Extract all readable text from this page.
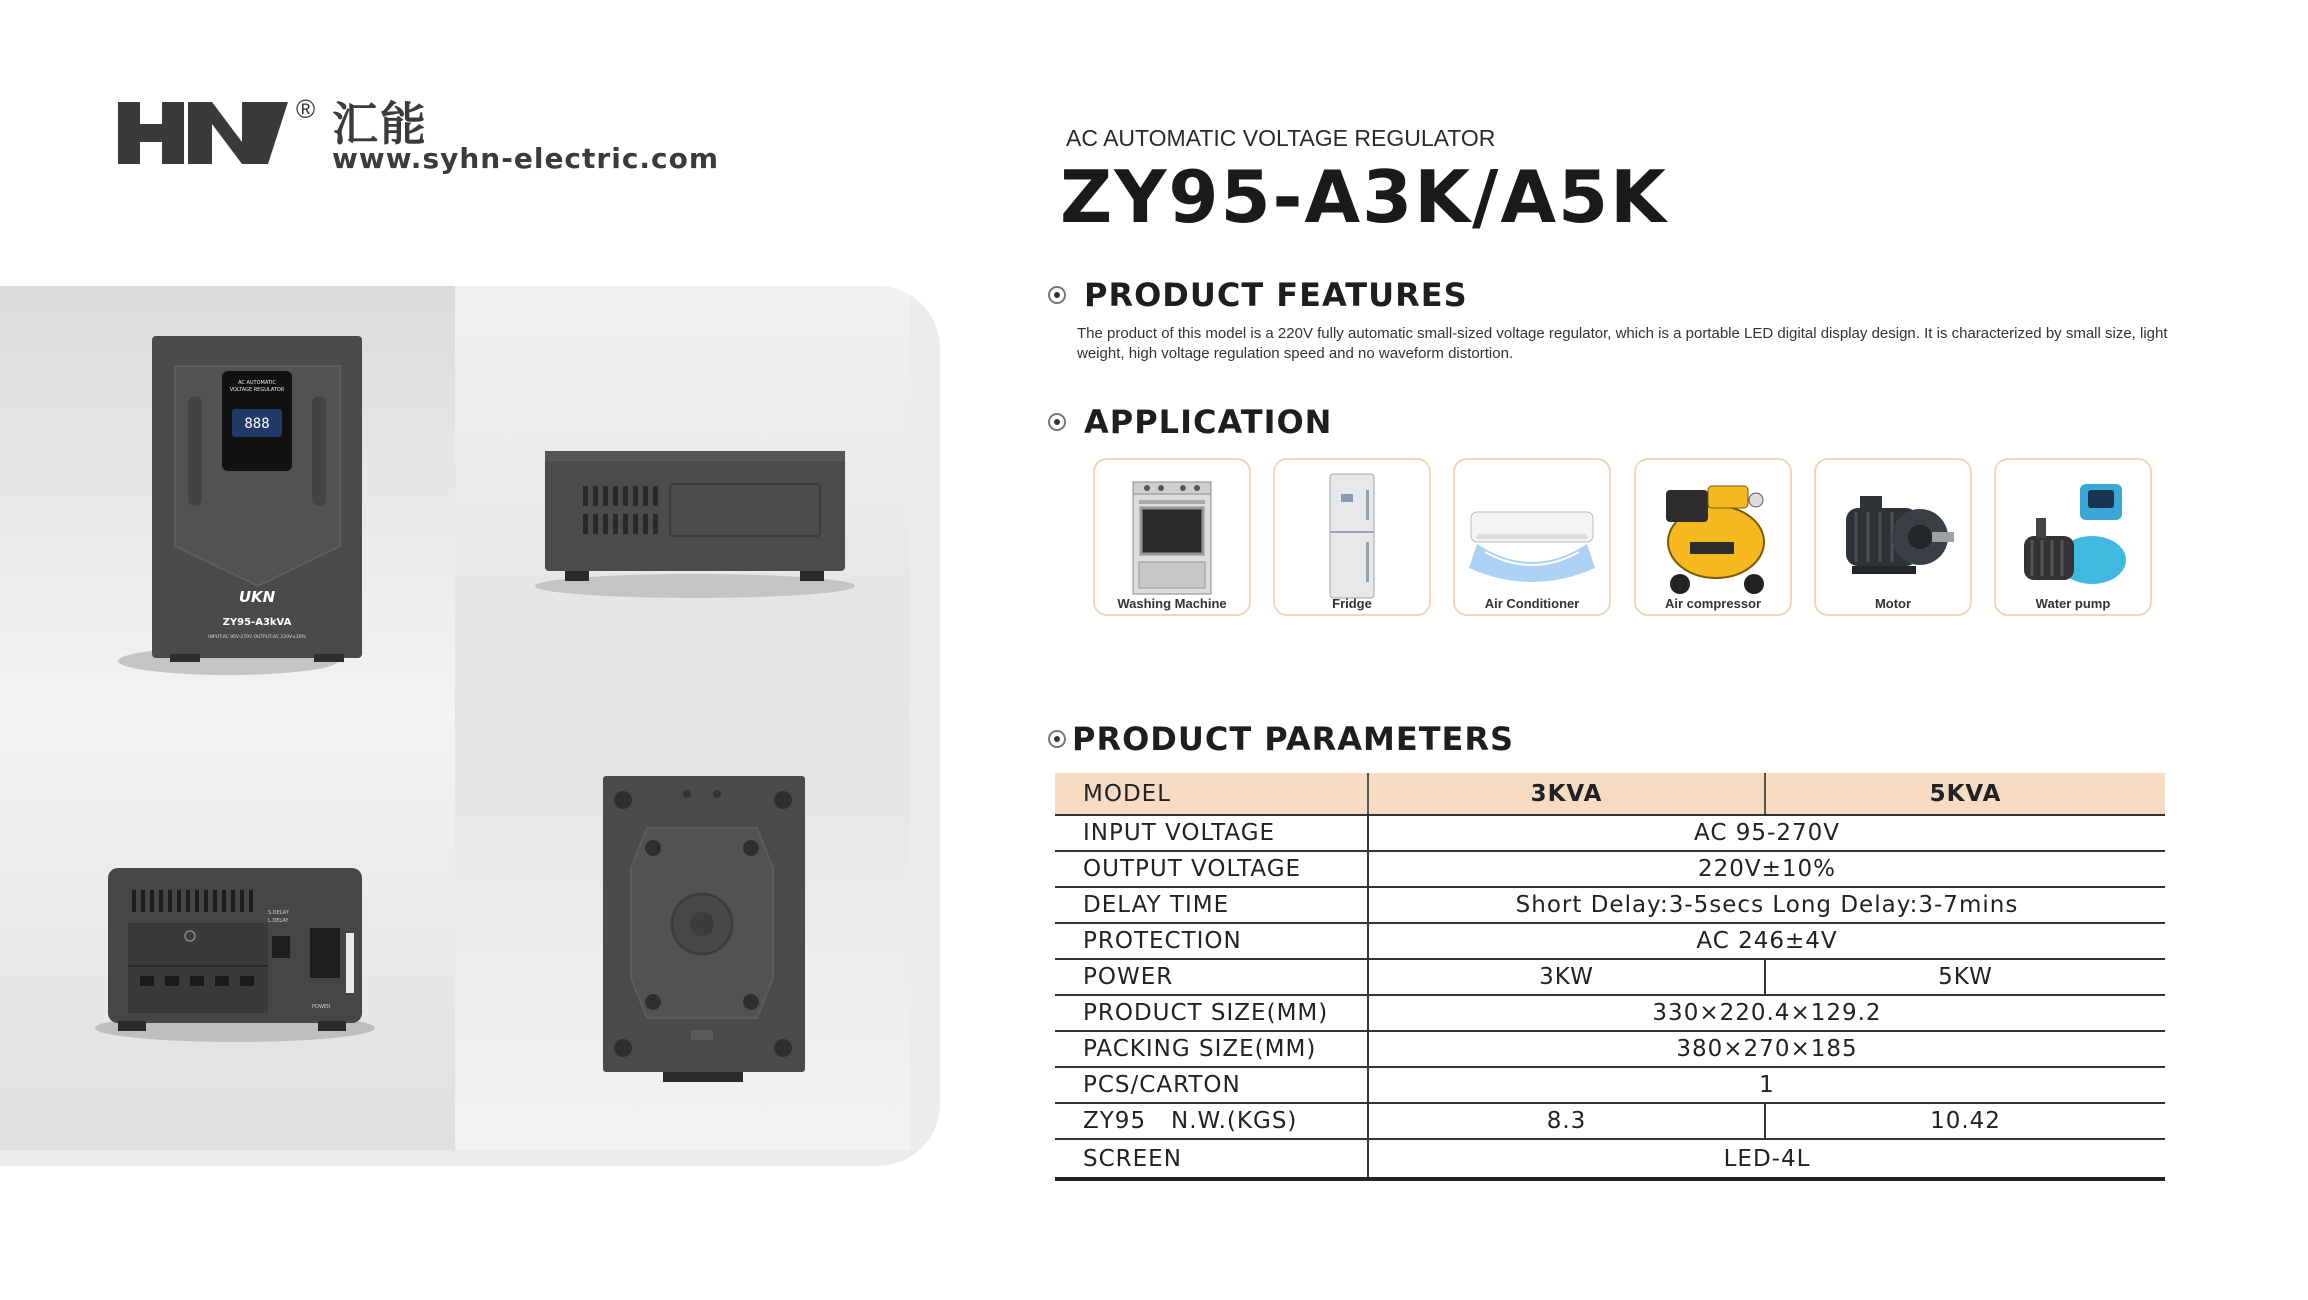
® 汇能
www.syhn-electric.com
AC AUTOMATIC VOLTAGE REGULATOR
ZY95-A3K/A5K
888
AC AUTOMATIC
VOLTAGE REGULATOR
UKN
ZY95-A3kVA
INPUT:AC 95V-270V OUTPUT:AC 220V±10%
S.DELAY
L.DELAY
POWER
PRODUCT FEATURES

The product of this model is a 220V fully automatic small-sized voltage regulator, which is a portable LED digital display design. It is characterized by small size, light weight, high voltage regulation speed and no waveform distortion.

APPLICATION
Washing Machine	Fridge	Air Conditioner	Air compressor	Motor	Water pump
PRODUCT PARAMETERS
MODEL	3KVA	5KVA
INPUT VOLTAGE	AC 95-270V	
OUTPUT VOLTAGE	220V±10%	
DELAY TIME	Short Delay:3-5secs Long Delay:3-7mins	
PROTECTION	AC 246±4V	
POWER	3KW	5KW
PRODUCT SIZE(MM)	330×220.4×129.2	
PACKING SIZE(MM)	380×270×185	
PCS/CARTON	1	
ZY95   N.W.(KGS)	8.3	10.42
SCREEN	LED-4L	
